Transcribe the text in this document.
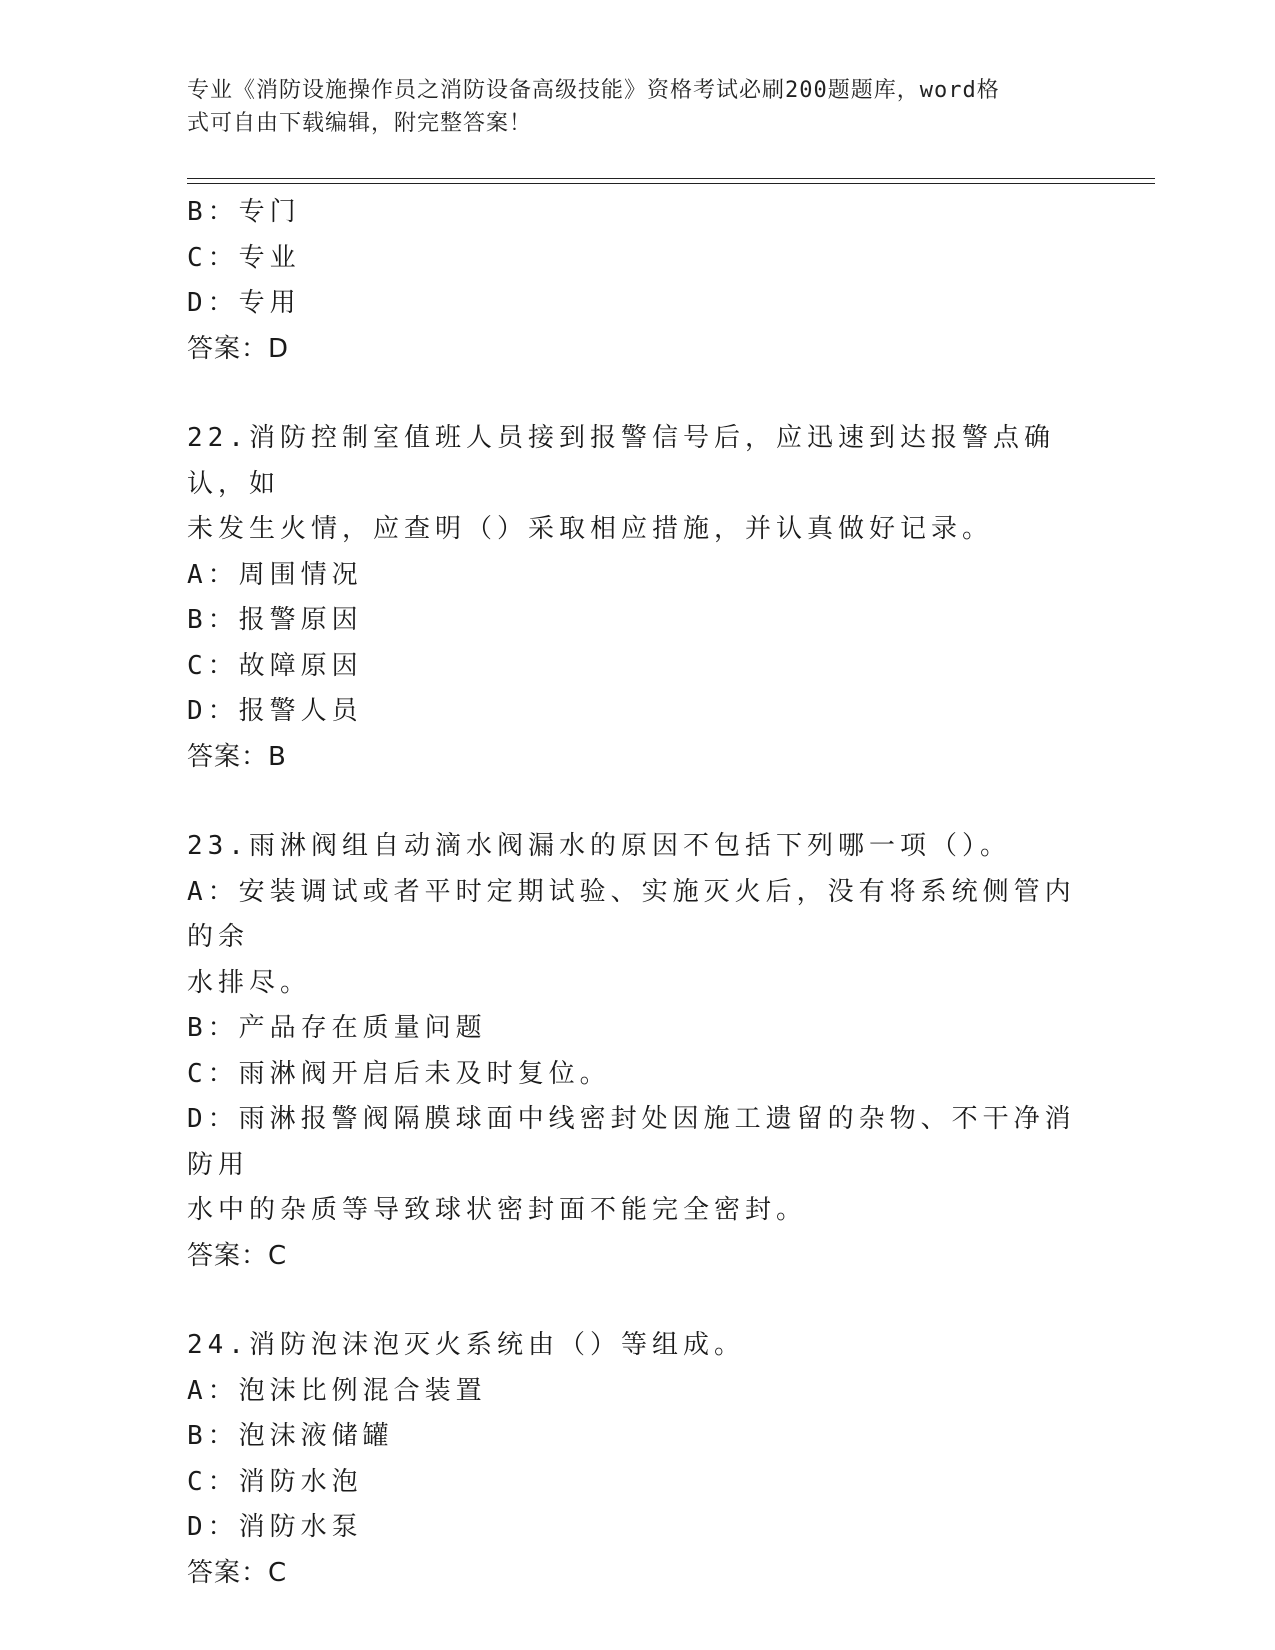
专业《消防设施操作员之消防设备高级技能》资格考试必刷200题题库，word格
式可自由下载编辑，附完整答案！
B：专门
C：专业
D：专用
答案：D
22.消防控制室值班人员接到报警信号后，应迅速到达报警点确认，如
未发生火情，应查明（）采取相应措施，并认真做好记录。
A：周围情况
B：报警原因
C：故障原因
D：报警人员
答案：B
23.雨淋阀组自动滴水阀漏水的原因不包括下列哪一项（）。
A：安装调试或者平时定期试验、实施灭火后，没有将系统侧管内的余
水排尽。
B：产品存在质量问题
C：雨淋阀开启后未及时复位。
D：雨淋报警阀隔膜球面中线密封处因施工遗留的杂物、不干净消防用
水中的杂质等导致球状密封面不能完全密封。
答案：C
24.消防泡沫泡灭火系统由（）等组成。
A：泡沫比例混合装置
B：泡沫液储罐
C：消防水泡
D：消防水泵
答案：C
